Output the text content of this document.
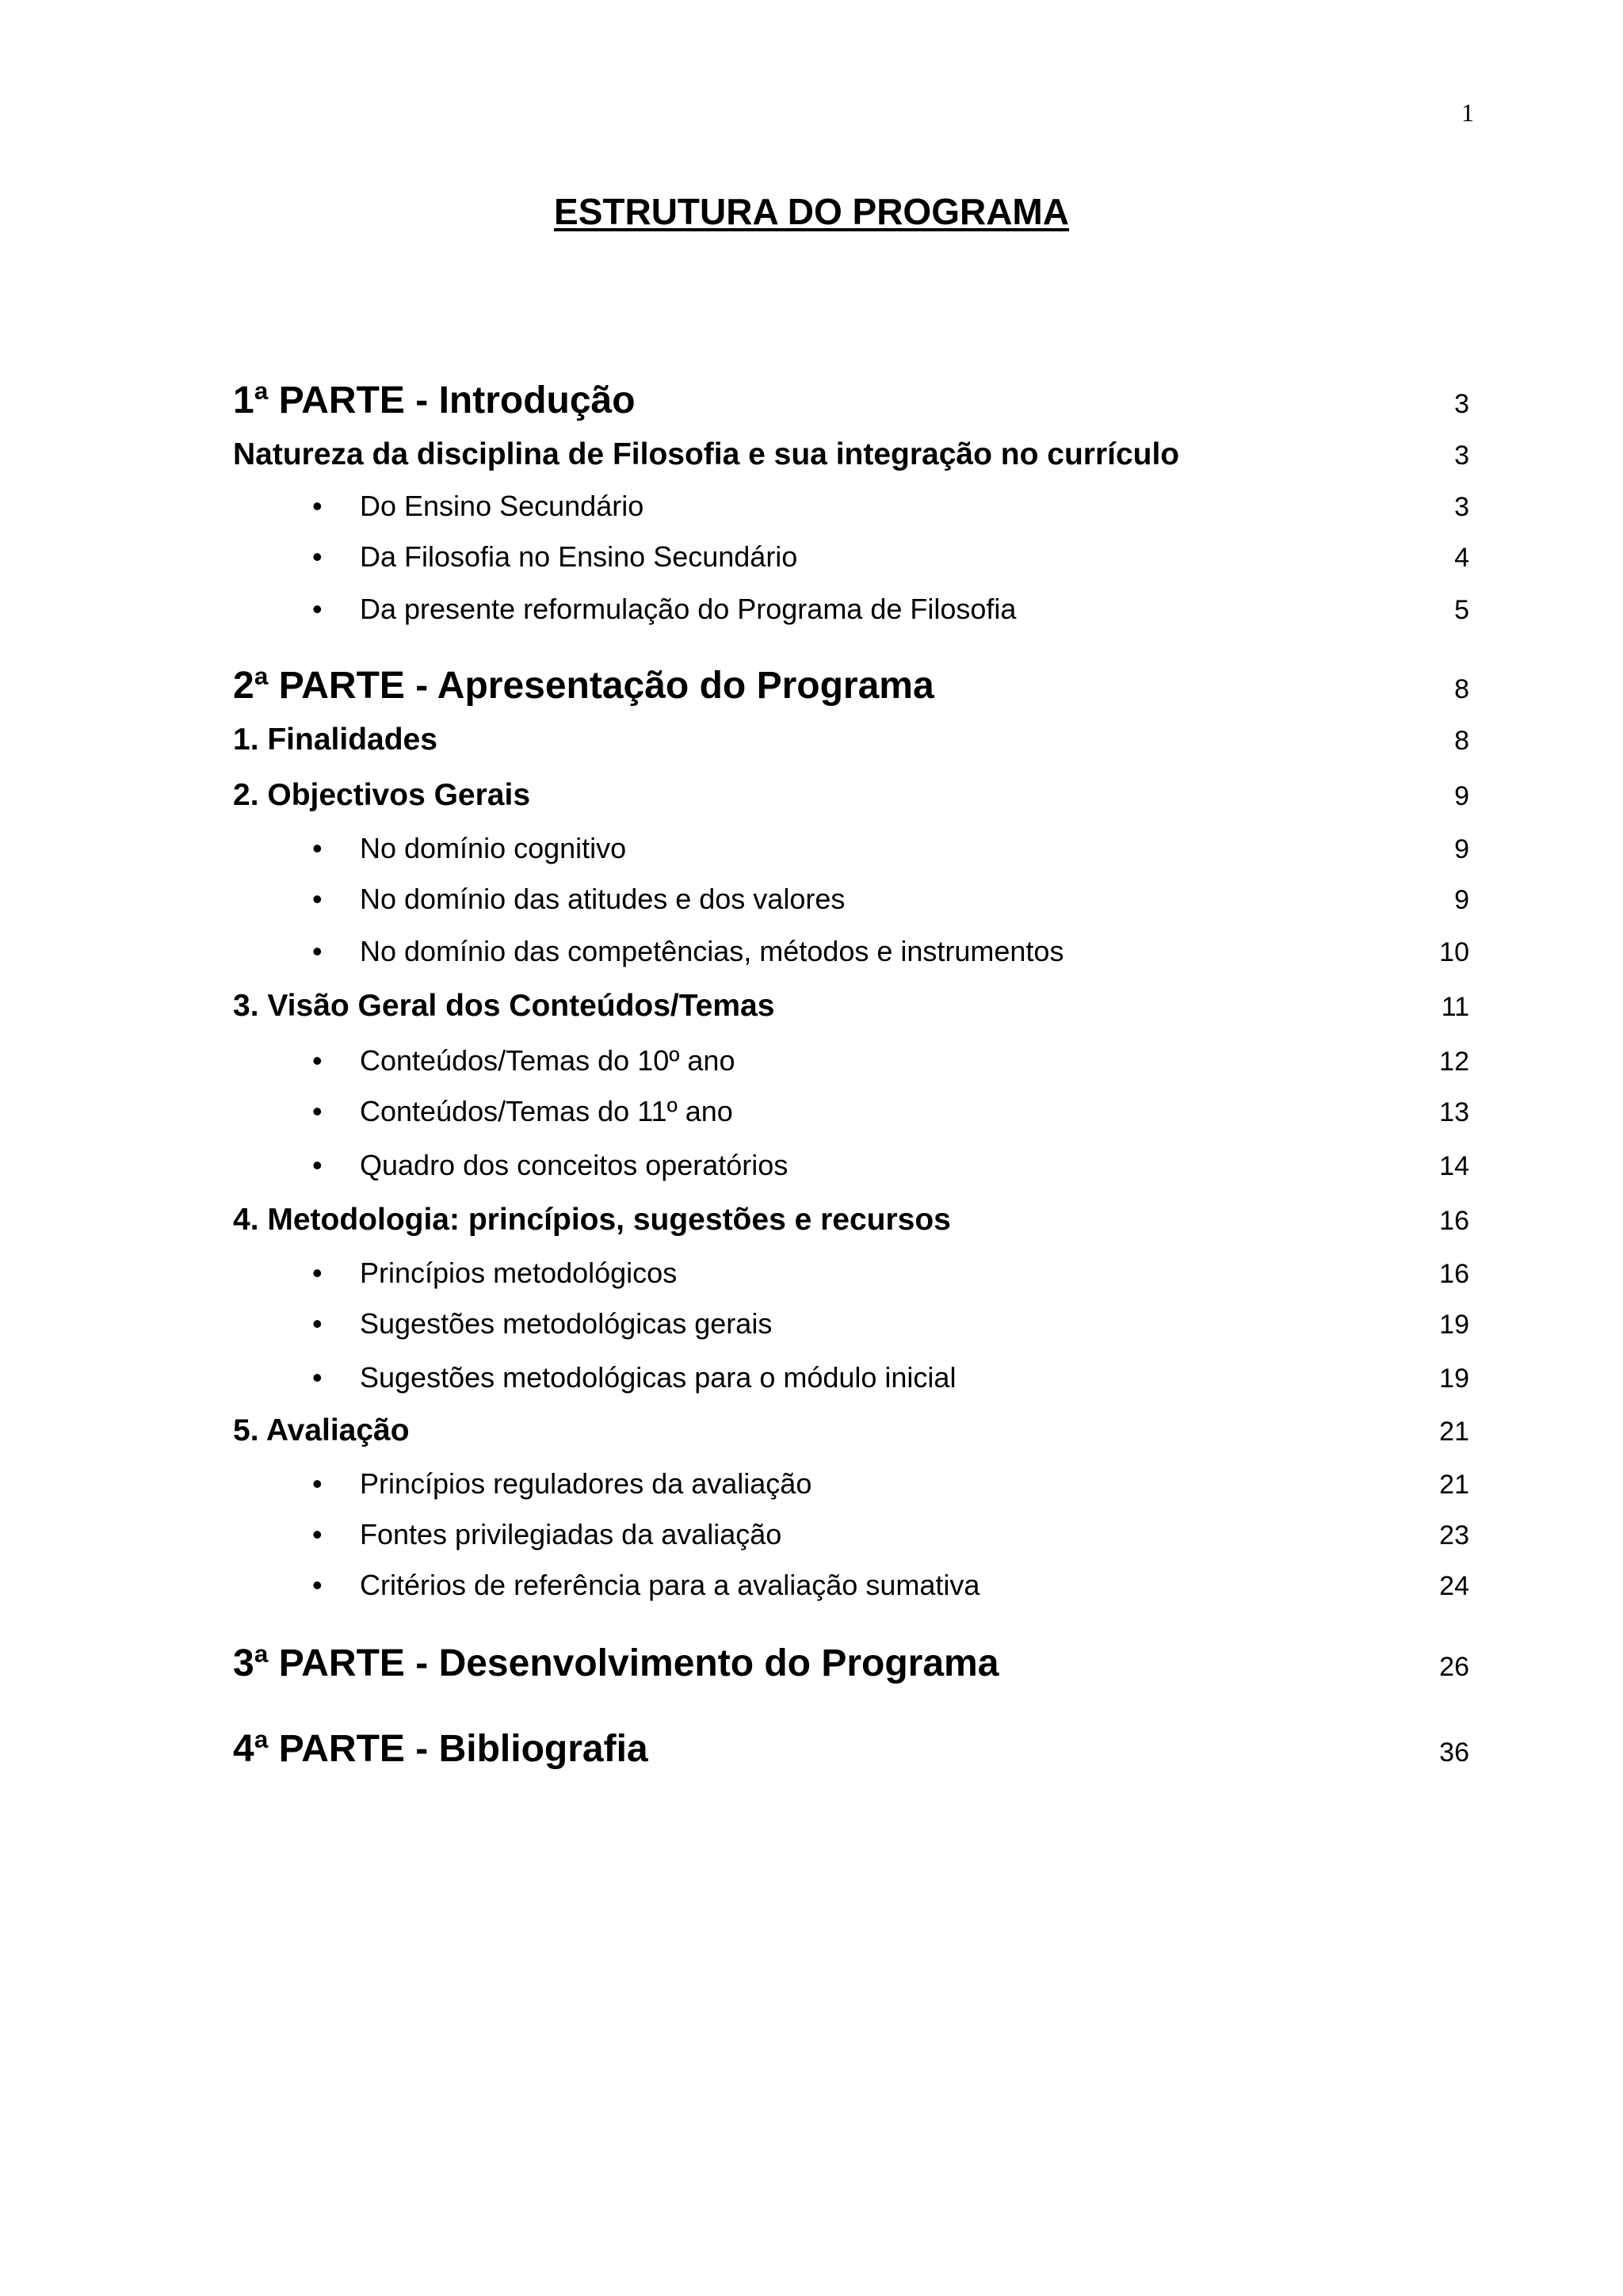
1
ESTRUTURA DO PROGRAMA
1ª PARTE - Introdução	3
Natureza da disciplina de Filosofia e sua integração no currículo	3
•	Do Ensino Secundário	3
•	Da Filosofia no Ensino Secundário	4
•	Da presente reformulação do Programa de Filosofia	5
2ª PARTE - Apresentação do Programa	8
1. Finalidades	8
2. Objectivos Gerais	9
•	No domínio cognitivo	9
•	No domínio das atitudes e dos valores	9
•	No domínio das competências, métodos e instrumentos	10
3. Visão Geral dos Conteúdos/Temas	11
•	Conteúdos/Temas do 10º ano	12
•	Conteúdos/Temas do 11º ano	13
•	Quadro dos conceitos operatórios	14
4. Metodologia: princípios, sugestões e recursos	16
•	Princípios metodológicos	16
•	Sugestões metodológicas gerais	19
•	Sugestões metodológicas para o módulo inicial	19
5. Avaliação	21
•	Princípios reguladores da avaliação	21
•	Fontes privilegiadas da avaliação	23
•	Critérios de referência para a avaliação sumativa	24
3ª PARTE - Desenvolvimento do Programa	26
4ª PARTE - Bibliografia	36
